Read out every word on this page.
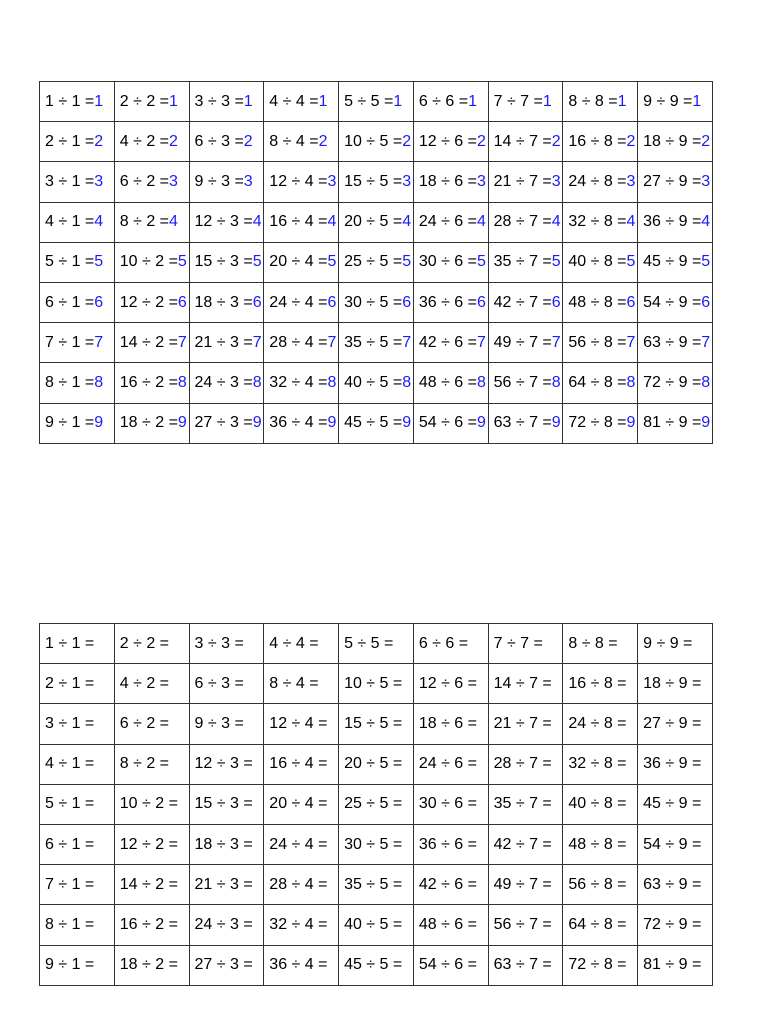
1 ÷ 1 =1	2 ÷ 2 =1	3 ÷ 3 =1	4 ÷ 4 =1	5 ÷ 5 =1	6 ÷ 6 =1	7 ÷ 7 =1	8 ÷ 8 =1	9 ÷ 9 =1
2 ÷ 1 =2	4 ÷ 2 =2	6 ÷ 3 =2	8 ÷ 4 =2	10 ÷ 5 =2	12 ÷ 6 =2	14 ÷ 7 =2	16 ÷ 8 =2	18 ÷ 9 =2
3 ÷ 1 =3	6 ÷ 2 =3	9 ÷ 3 =3	12 ÷ 4 =3	15 ÷ 5 =3	18 ÷ 6 =3	21 ÷ 7 =3	24 ÷ 8 =3	27 ÷ 9 =3
4 ÷ 1 =4	8 ÷ 2 =4	12 ÷ 3 =4	16 ÷ 4 =4	20 ÷ 5 =4	24 ÷ 6 =4	28 ÷ 7 =4	32 ÷ 8 =4	36 ÷ 9 =4
5 ÷ 1 =5	10 ÷ 2 =5	15 ÷ 3 =5	20 ÷ 4 =5	25 ÷ 5 =5	30 ÷ 6 =5	35 ÷ 7 =5	40 ÷ 8 =5	45 ÷ 9 =5
6 ÷ 1 =6	12 ÷ 2 =6	18 ÷ 3 =6	24 ÷ 4 =6	30 ÷ 5 =6	36 ÷ 6 =6	42 ÷ 7 =6	48 ÷ 8 =6	54 ÷ 9 =6
7 ÷ 1 =7	14 ÷ 2 =7	21 ÷ 3 =7	28 ÷ 4 =7	35 ÷ 5 =7	42 ÷ 6 =7	49 ÷ 7 =7	56 ÷ 8 =7	63 ÷ 9 =7
8 ÷ 1 =8	16 ÷ 2 =8	24 ÷ 3 =8	32 ÷ 4 =8	40 ÷ 5 =8	48 ÷ 6 =8	56 ÷ 7 =8	64 ÷ 8 =8	72 ÷ 9 =8
9 ÷ 1 =9	18 ÷ 2 =9	27 ÷ 3 =9	36 ÷ 4 =9	45 ÷ 5 =9	54 ÷ 6 =9	63 ÷ 7 =9	72 ÷ 8 =9	81 ÷ 9 =9
1 ÷ 1 =	2 ÷ 2 =	3 ÷ 3 =	4 ÷ 4 =	5 ÷ 5 =	6 ÷ 6 =	7 ÷ 7 =	8 ÷ 8 =	9 ÷ 9 =
2 ÷ 1 =	4 ÷ 2 =	6 ÷ 3 =	8 ÷ 4 =	10 ÷ 5 =	12 ÷ 6 =	14 ÷ 7 =	16 ÷ 8 =	18 ÷ 9 =
3 ÷ 1 =	6 ÷ 2 =	9 ÷ 3 =	12 ÷ 4 =	15 ÷ 5 =	18 ÷ 6 =	21 ÷ 7 =	24 ÷ 8 =	27 ÷ 9 =
4 ÷ 1 =	8 ÷ 2 =	12 ÷ 3 =	16 ÷ 4 =	20 ÷ 5 =	24 ÷ 6 =	28 ÷ 7 =	32 ÷ 8 =	36 ÷ 9 =
5 ÷ 1 =	10 ÷ 2 =	15 ÷ 3 =	20 ÷ 4 =	25 ÷ 5 =	30 ÷ 6 =	35 ÷ 7 =	40 ÷ 8 =	45 ÷ 9 =
6 ÷ 1 =	12 ÷ 2 =	18 ÷ 3 =	24 ÷ 4 =	30 ÷ 5 =	36 ÷ 6 =	42 ÷ 7 =	48 ÷ 8 =	54 ÷ 9 =
7 ÷ 1 =	14 ÷ 2 =	21 ÷ 3 =	28 ÷ 4 =	35 ÷ 5 =	42 ÷ 6 =	49 ÷ 7 =	56 ÷ 8 =	63 ÷ 9 =
8 ÷ 1 =	16 ÷ 2 =	24 ÷ 3 =	32 ÷ 4 =	40 ÷ 5 =	48 ÷ 6 =	56 ÷ 7 =	64 ÷ 8 =	72 ÷ 9 =
9 ÷ 1 =	18 ÷ 2 =	27 ÷ 3 =	36 ÷ 4 =	45 ÷ 5 =	54 ÷ 6 =	63 ÷ 7 =	72 ÷ 8 =	81 ÷ 9 =
